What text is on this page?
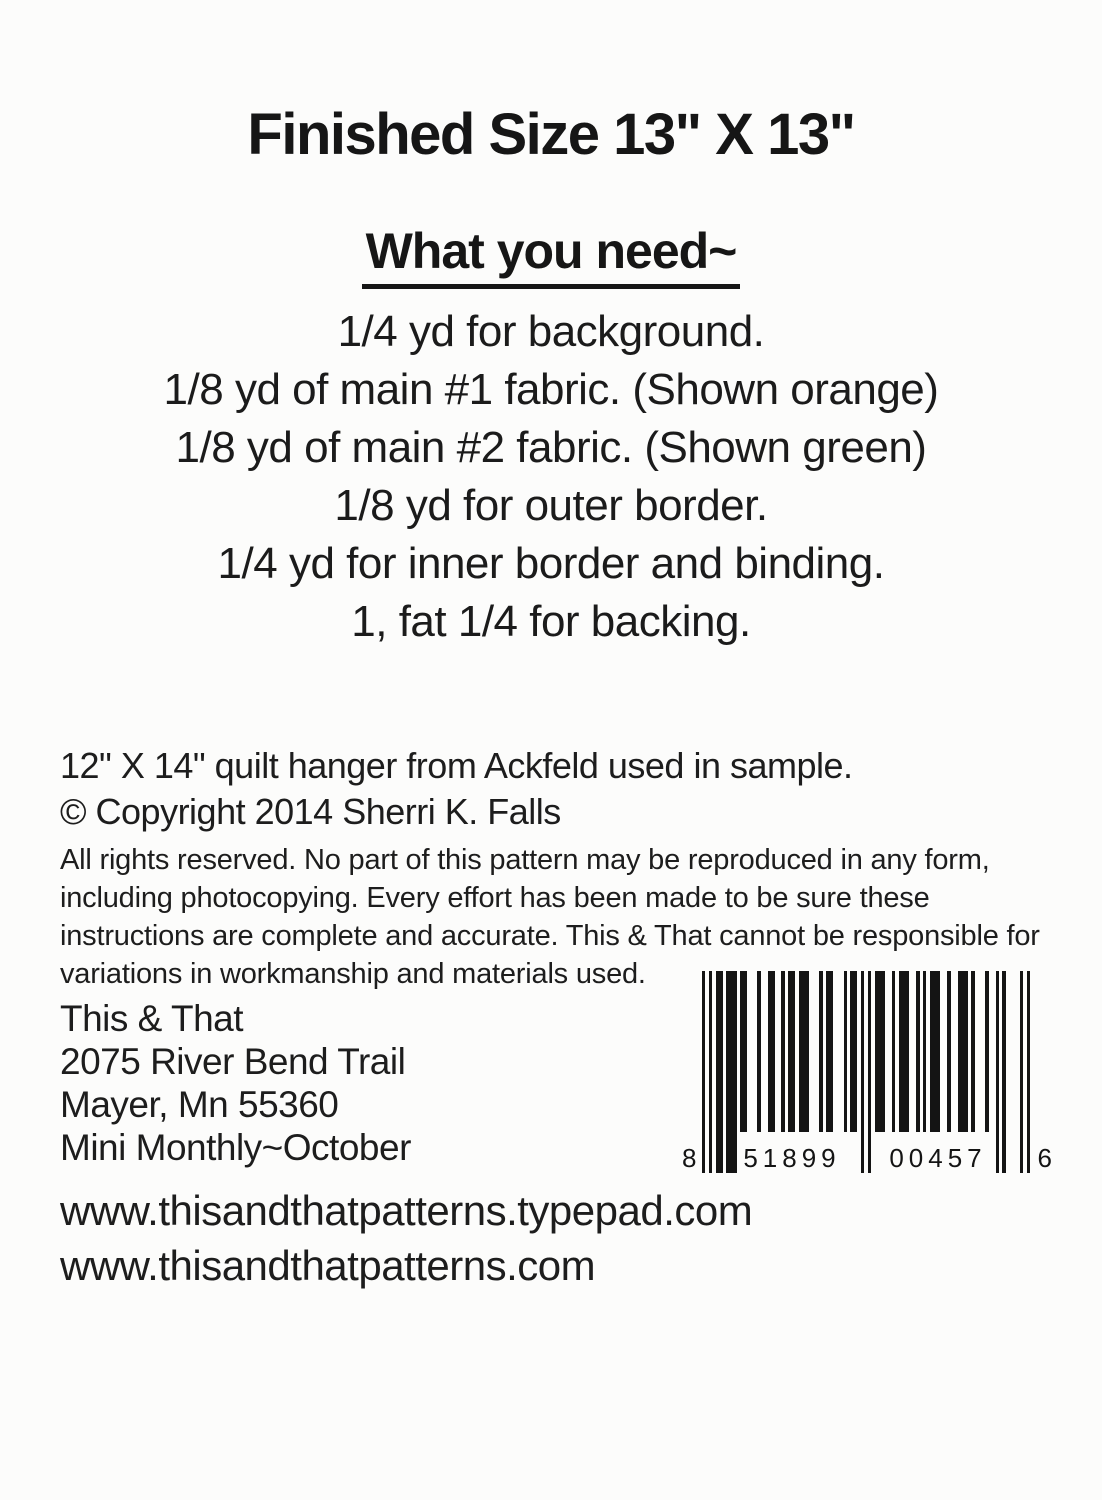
Finished Size 13" X 13"
What you need~
1/4 yd for background.
1/8 yd of main #1 fabric. (Shown orange)
1/8 yd of main #2 fabric. (Shown green)
1/8 yd for outer border.
1/4 yd for inner border and binding.
1, fat 1/4 for backing.
8 51899 00457 6

12" X 14" quilt hanger from Ackfeld used in sample.

© Copyright 2014 Sherri K. Falls

All rights reserved. No part of this pattern may be reproduced in any form, including photocopying. Every effort has been made to be sure these instructions are complete and accurate. This & That cannot be responsible for variations in workmanship and materials used.

This & That

2075 River Bend Trail

Mayer, Mn 55360

Mini Monthly~October

www.thisandthatpatterns.typepad.com

www.thisandthatpatterns.com
